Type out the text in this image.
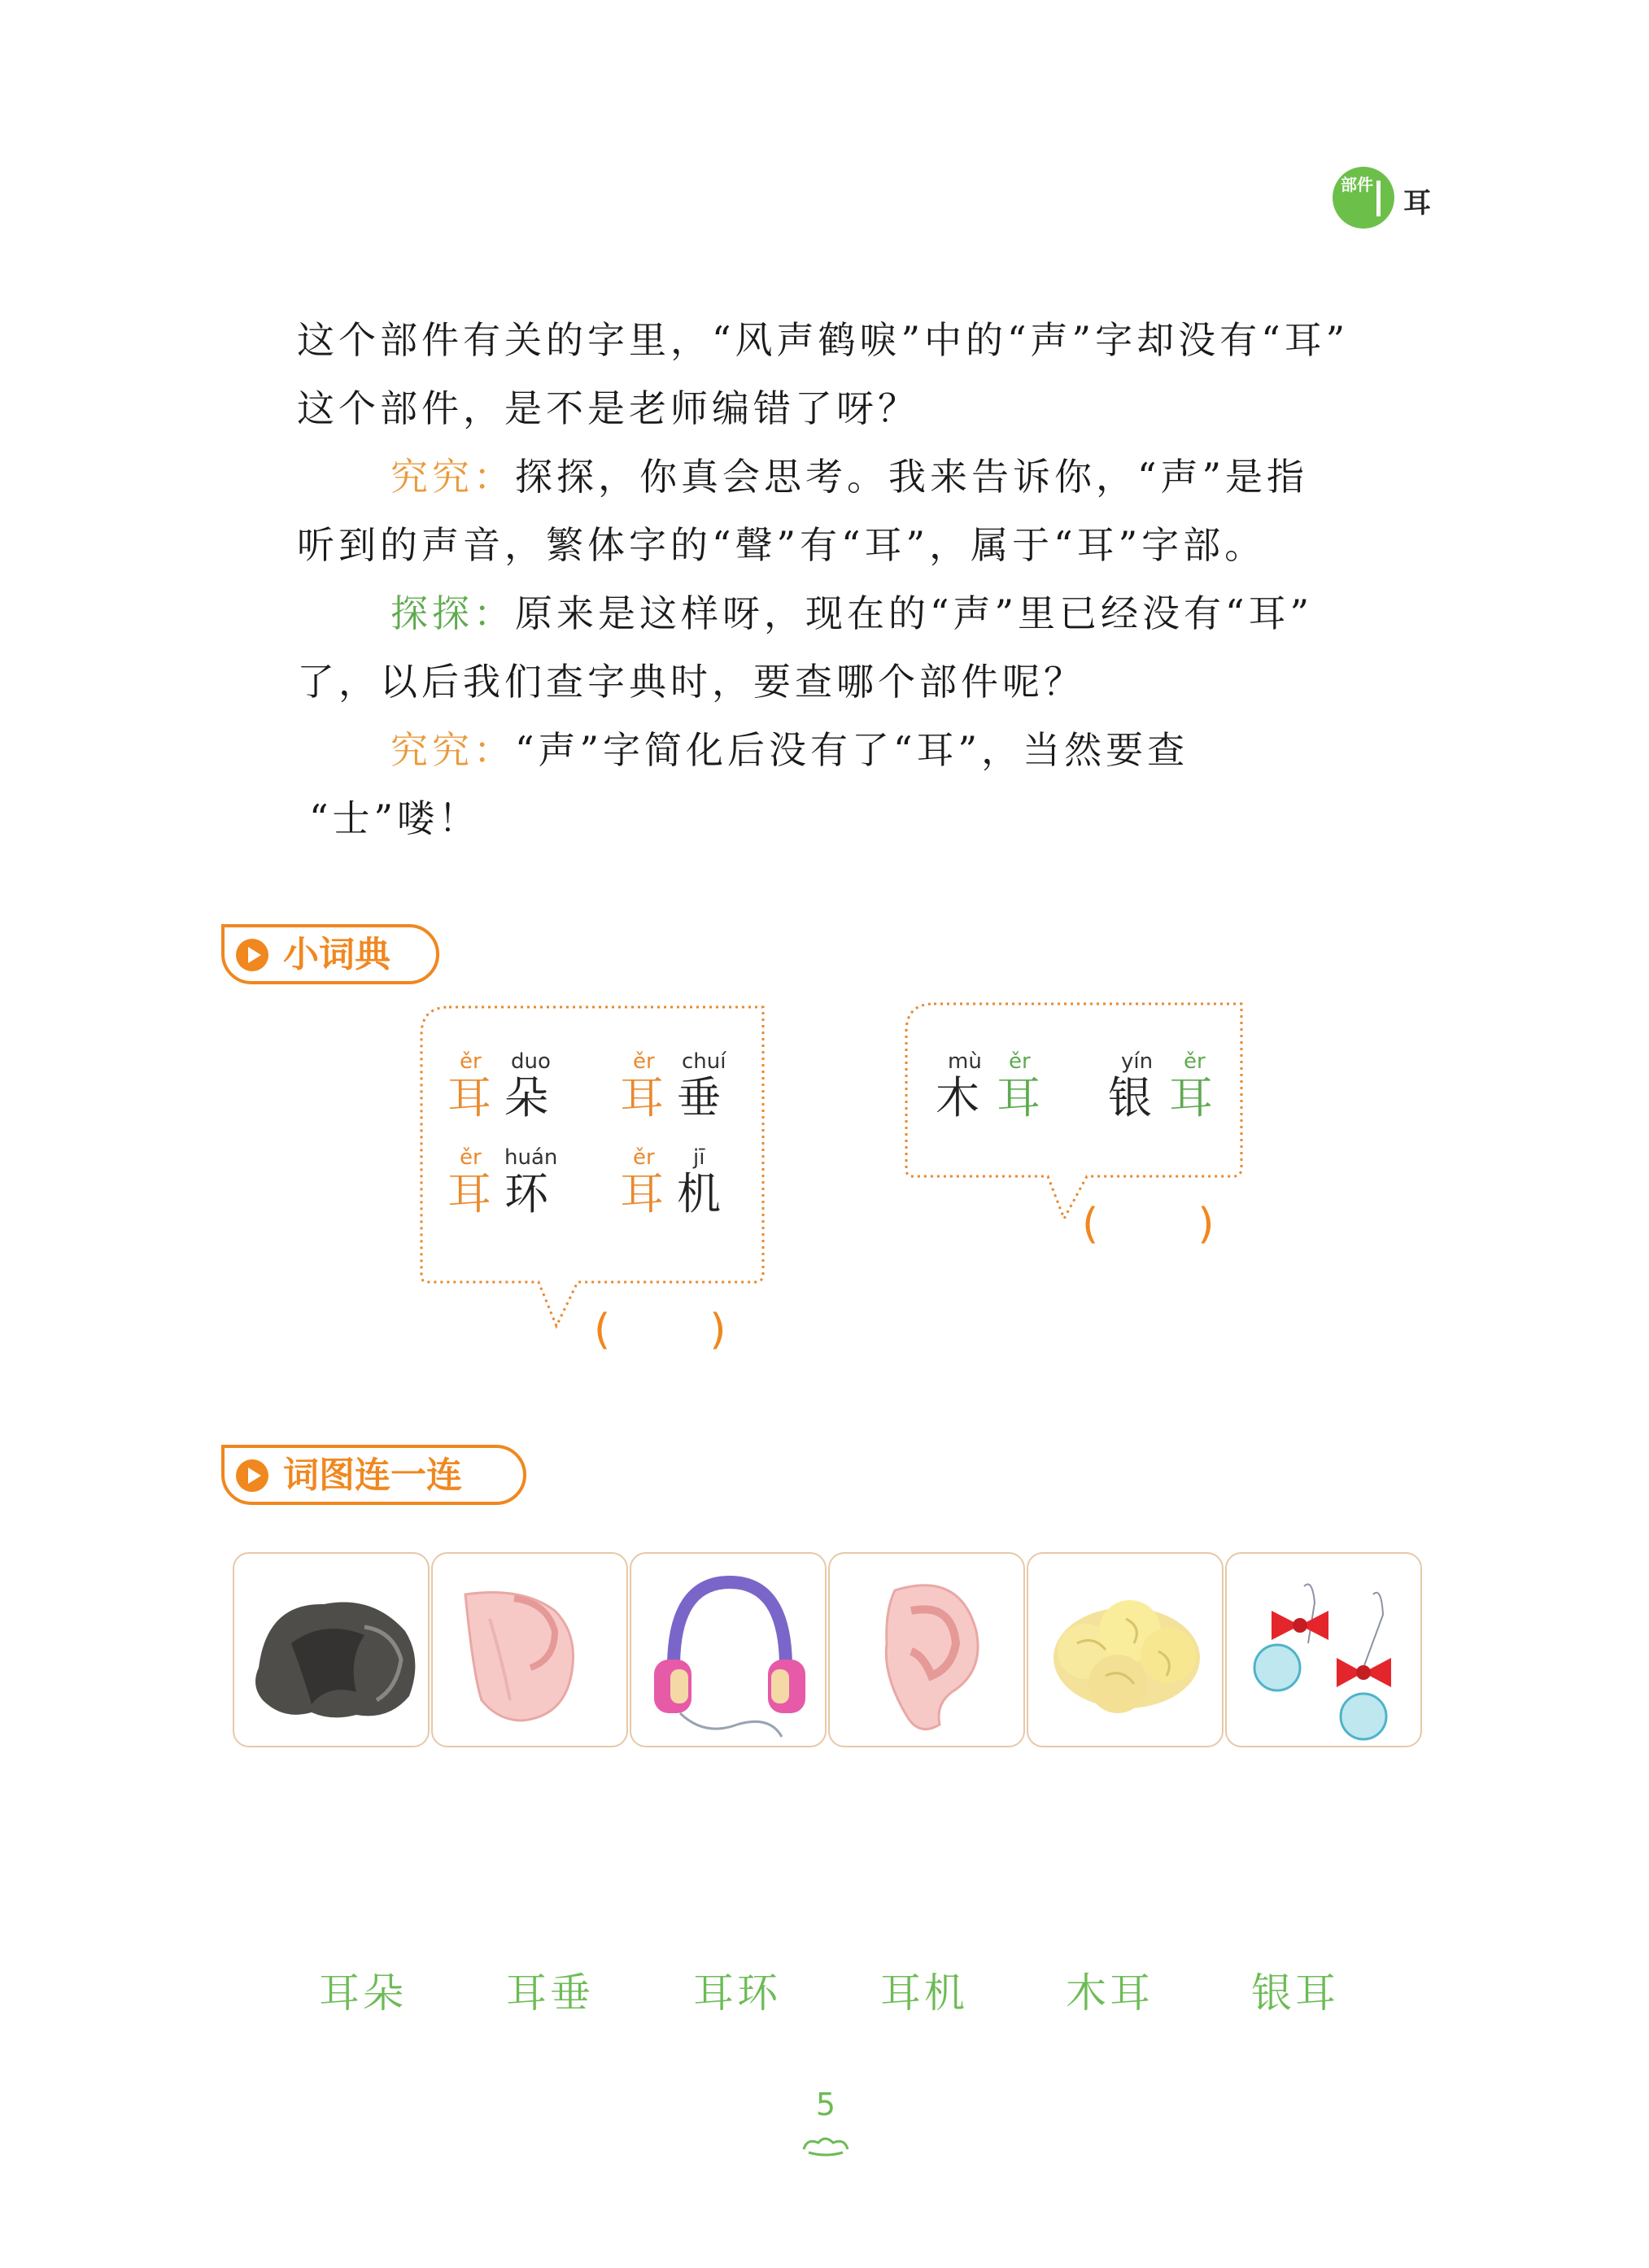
部件
耳
这个部件有关的字里，“风声鹤唳”中的“声”字却没有“耳”
这个部件，是不是老师编错了呀？
究究：探探，你真会思考。我来告诉你，“声”是指
听到的声音，繁体字的“聲”有“耳”，属于“耳”字部。
探探：原来是这样呀，现在的“声”里已经没有“耳”
了，以后我们查字典时，要查哪个部件呢？
究究：“声”字简化后没有了“耳”，当然要查
“士”喽！
小词典
ěr duo
耳 朵
ěr chuí
耳 垂
ěr huán
耳 环
ěr jī
耳 机
(　　)
mù ěr
木 耳
yín ěr
银 耳
(　　)
词图连一连
耳朵 耳垂 耳环 耳机 木耳 银耳
5
